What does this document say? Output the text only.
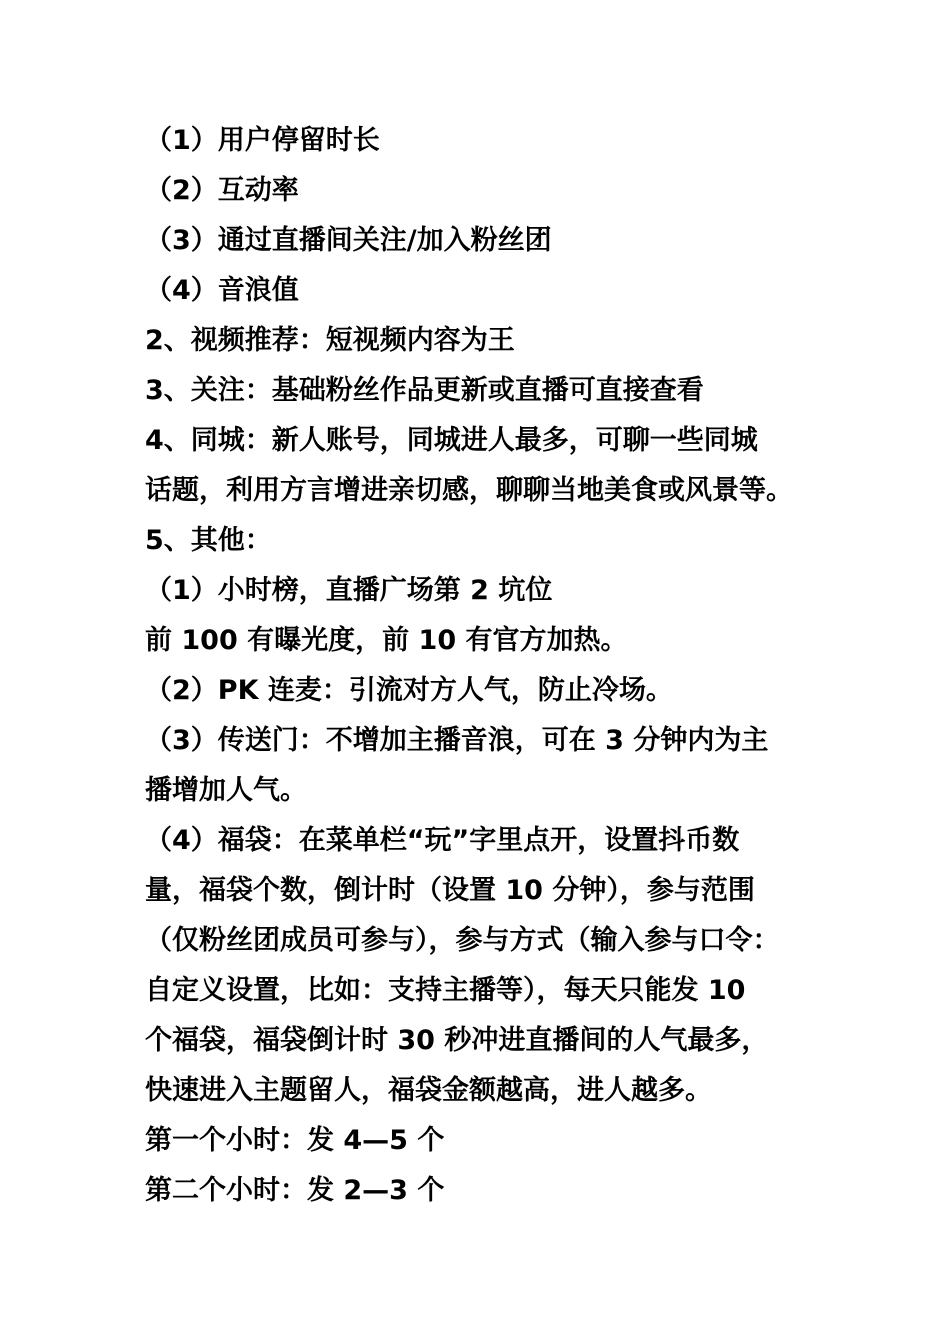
（1）用户停留时长
（2）互动率
（3）通过直播间关注/加入粉丝团
（4）音浪值
2、视频推荐：短视频内容为王
3、关注：基础粉丝作品更新或直播可直接查看
4、同城：新人账号，同城进人最多，可聊一些同城
话题，利用方言增进亲切感，聊聊当地美食或风景等。
5、其他：
（1）小时榜，直播广场第 2 坑位
前 100 有曝光度，前 10 有官方加热。
（2）PK 连麦：引流对方人气，防止冷场。
（3）传送门：不增加主播音浪，可在 3 分钟内为主
播增加人气。
（4）福袋：在菜单栏“玩”字里点开，设置抖币数
量，福袋个数，倒计时（设置 10 分钟），参与范围
（仅粉丝团成员可参与），参与方式（输入参与口令：
自定义设置，比如：支持主播等），每天只能发 10
个福袋，福袋倒计时 30 秒冲进直播间的人气最多，
快速进入主题留人，福袋金额越高，进人越多。
第一个小时：发 4—5 个
第二个小时：发 2—3 个
